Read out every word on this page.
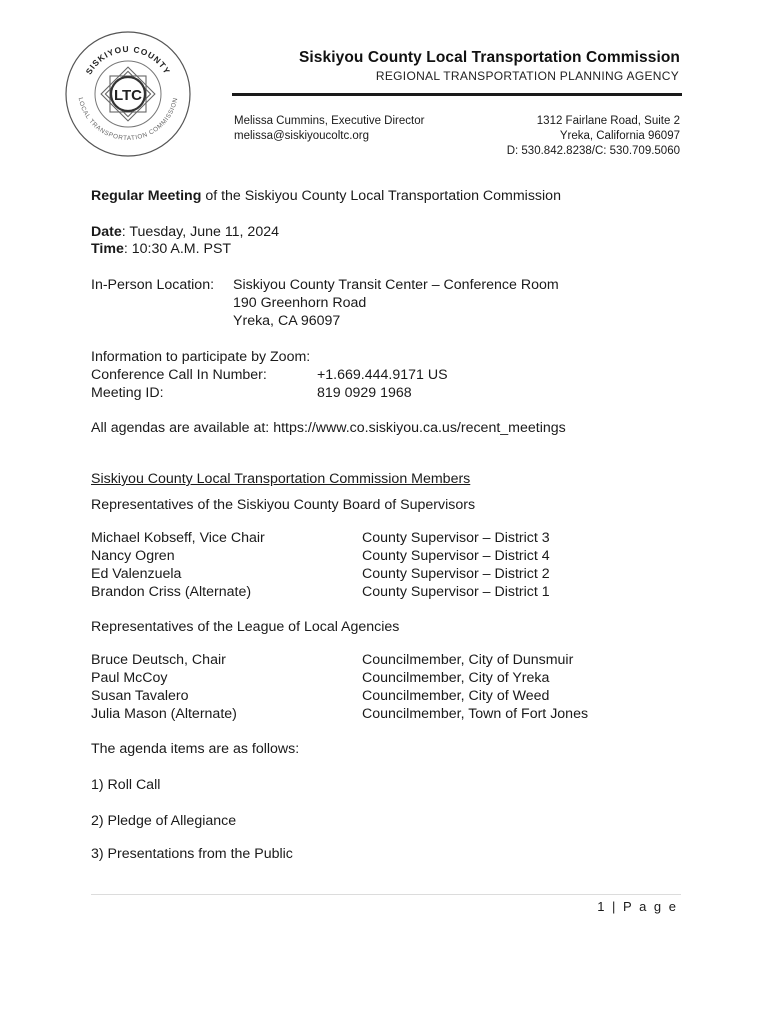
LTC
SISKIYOU COUNTY
LOCAL TRANSPORTATION COMMISSION
Siskiyou County Local Transportation Commission
REGIONAL TRANSPORTATION PLANNING AGENCY
Melissa Cummins, Executive Director
melissa@siskiyoucoltc.org
1312 Fairlane Road, Suite 2
Yreka, California 96097
D: 530.842.8238/C: 530.709.5060
Regular Meeting of the Siskiyou County Local Transportation Commission
Date: Tuesday, June 11, 2024
Time: 10:30 A.M. PST
In-Person Location: Siskiyou County Transit Center – Conference Room
190 Greenhorn Road
Yreka, CA 96097
Information to participate by Zoom:
Conference Call In Number:	+1.669.444.9171 US
Meeting ID:	819 0929 1968
All agendas are available at: https://www.co.siskiyou.ca.us/recent_meetings
Siskiyou County Local Transportation Commission Members
Representatives of the Siskiyou County Board of Supervisors
Michael Kobseff, Vice Chair	County Supervisor – District 3
Nancy Ogren	County Supervisor – District 4
Ed Valenzuela	County Supervisor – District 2
Brandon Criss (Alternate)	County Supervisor – District 1
Representatives of the League of Local Agencies
Bruce Deutsch, Chair	Councilmember, City of Dunsmuir
Paul McCoy	Councilmember, City of Yreka
Susan Tavalero	Councilmember, City of Weed
Julia Mason (Alternate)	Councilmember, Town of Fort Jones
The agenda items are as follows:
1) Roll Call
2) Pledge of Allegiance
3) Presentations from the Public
1 | P a g e
